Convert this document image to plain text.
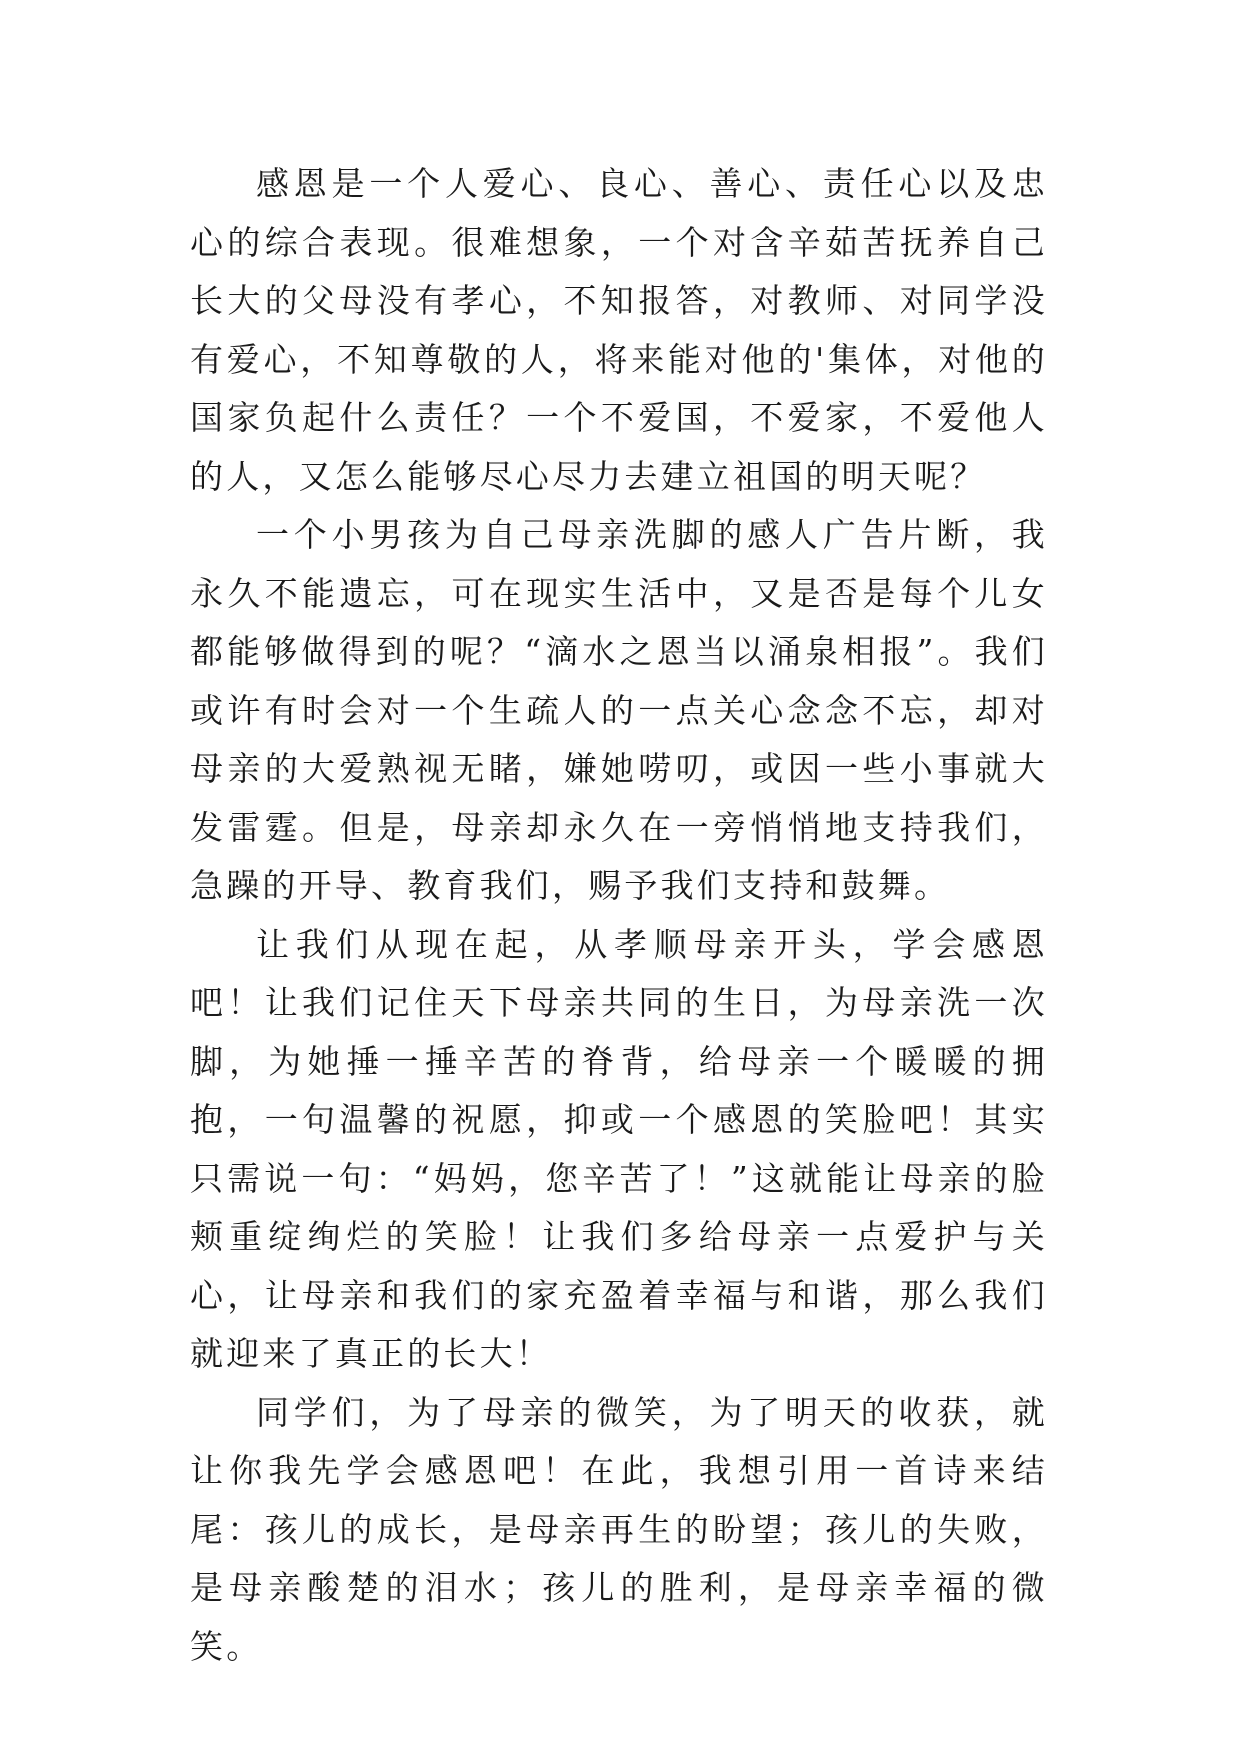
感恩是一个人爱心、良心、善心、责任心以及忠心的综合表现。很难想象，一个对含辛茹苦抚养自己长大的父母没有孝心，不知报答，对教师、对同学没有爱心，不知尊敬的人，将来能对他的'集体，对他的国家负起什么责任？一个不爱国，不爱家，不爱他人的人，又怎么能够尽心尽力去建立祖国的明天呢？

一个小男孩为自己母亲洗脚的感人广告片断，我永久不能遗忘，可在现实生活中，又是否是每个儿女都能够做得到的呢？“滴水之恩当以涌泉相报”。我们或许有时会对一个生疏人的一点关心念念不忘，却对母亲的大爱熟视无睹，嫌她唠叨，或因一些小事就大发雷霆。但是，母亲却永久在一旁悄悄地支持我们，急躁的开导、教育我们，赐予我们支持和鼓舞。

让我们从现在起，从孝顺母亲开头，学会感恩吧！让我们记住天下母亲共同的生日，为母亲洗一次脚，为她捶一捶辛苦的脊背，给母亲一个暖暖的拥抱，一句温馨的祝愿，抑或一个感恩的笑脸吧！其实只需说一句：“妈妈，您辛苦了！”这就能让母亲的脸颊重绽绚烂的笑脸！让我们多给母亲一点爱护与关心，让母亲和我们的家充盈着幸福与和谐，那么我们就迎来了真正的长大！

同学们，为了母亲的微笑，为了明天的收获，就让你我先学会感恩吧！在此，我想引用一首诗来结尾：孩儿的成长，是母亲再生的盼望；孩儿的失败，是母亲酸楚的泪水；孩儿的胜利，是母亲幸福的微笑。
